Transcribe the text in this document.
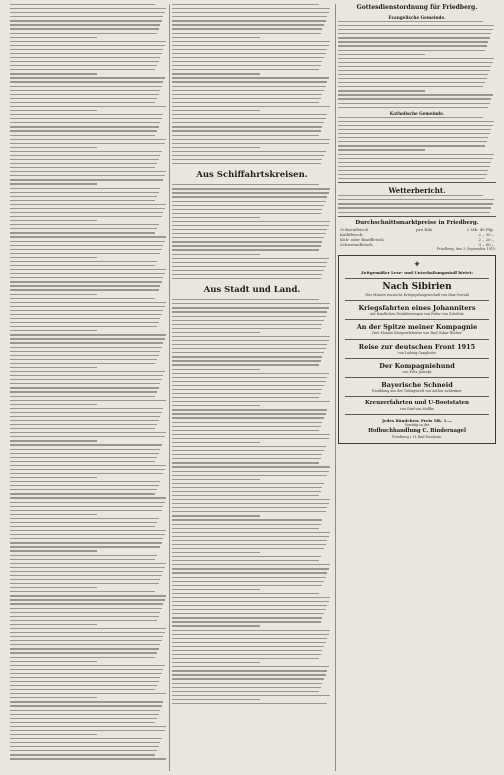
Aus Schiffahrtskreisen.
Aus Stadt und Land.
Gottesdienstordnung für Friedberg.
Evangelische Gemeinde.
Katholische Gemeinde.
Wetterbericht.
Durchschnittsmarktpreise in Friedberg.
Ochsenfleisch	pro Kilo	2 Mk. 40 Pfg.
Kalbfleisch		2 „ 30 „
Kuh- oder Rindfleisch		2 „ 20 „
Schweinefleisch		3 „ 00 „
Friedberg, den 3. September 1915.
✦
Zeitgemäßer Lese- und Unterhaltungsstoff bietet:
Nach Sibirien
Vier Monate russische Kriegsgefangenschaft von Max Oswald
Kriegsfahrten eines Johanniters
mit feindlichen Fernfahrzeugen von Fedor von Zobeltitz
An der Spitze meiner Kompagnie
Drei Monate Kriegserlebnisse von Paul Oskar Höcker
Reise zur deutschen Front 1915
von Ludwig Ganghofer
Der Kompagniehund
von Fritz Janosky
Bayerische Schneid
Erzählung aus der Gebirgswelt von Arthur Achleitner
Kreuzerfahrten und U-Bootstaten
von Graf von Moltke
Jedes Bändchen: Preis Mk. 1.—
Vorrätig in der
Hofbuchhandlung C. Bindernagel
Friedberg i. H. Bad-Nauheim.
